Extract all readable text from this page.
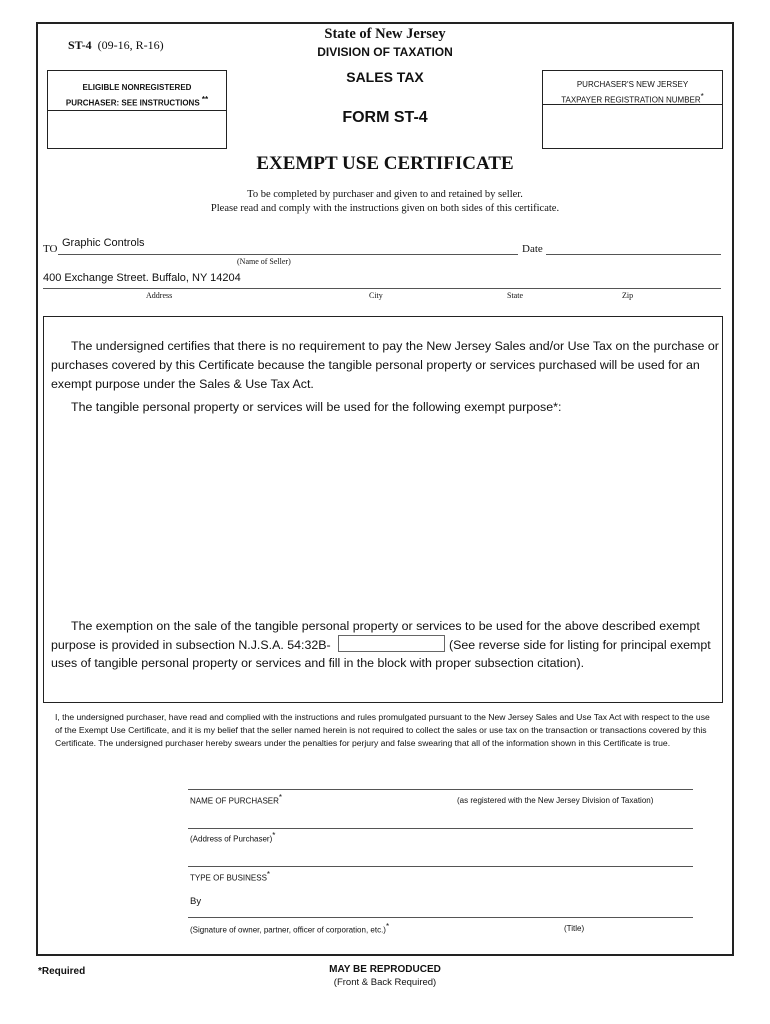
ST-4 (09-16, R-16)
State of New Jersey
DIVISION OF TAXATION
SALES TAX
FORM ST-4
ELIGIBLE NONREGISTERED
PURCHASER: SEE INSTRUCTIONS **
PURCHASER'S NEW JERSEY
TAXPAYER REGISTRATION NUMBER*
EXEMPT USE CERTIFICATE
To be completed by purchaser and given to and retained by seller.
Please read and comply with the instructions given on both sides of this certificate.
TO
Graphic Controls	Date
(Name of Seller)
400 Exchange Street. Buffalo, NY 14204
Address	City	State	Zip
The undersigned certifies that there is no requirement to pay the New Jersey Sales and/or Use Tax on the purchase or purchases covered by this Certificate because the tangible personal property or services purchased will be used for an exempt purpose under the Sales & Use Tax Act.
The tangible personal property or services will be used for the following exempt purpose*:
The exemption on the sale of the tangible personal property or services to be used for the above described exempt
purpose is provided in subsection N.J.S.A. 54:32B-	(See reverse side for listing for principal exempt
uses of tangible personal property or services and fill in the block with proper subsection citation).
I, the undersigned purchaser, have read and complied with the instructions and rules promulgated pursuant to the New Jersey Sales and Use Tax Act with respect to the use of the Exempt Use Certificate, and it is my belief that the seller named herein is not required to collect the sales or use tax on the transaction or transactions covered by this Certificate. The undersigned purchaser hereby swears under the penalties for perjury and false swearing that all of the information shown in this Certificate is true.
NAME OF PURCHASER*	(as registered with the New Jersey Division of Taxation)
(Address of Purchaser)*
TYPE OF BUSINESS*
By
(Signature of owner, partner, officer of corporation, etc.)*	(Title)
*Required	MAY BE REPRODUCED
(Front & Back Required)
